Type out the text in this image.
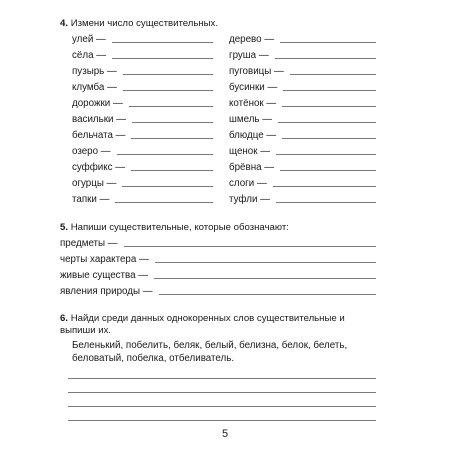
4. Измени число существительных.
улей —
сёла —
пузырь —
клумба —
дорожки —
васильки —
бельчата —
озеро —
суффикс —
огурцы —
тапки —
дерево —
груша —
пуговицы —
бусинки —
котёнок —
шмель —
блюдце —
щенок —
брёвна —
слоги —
туфли —
5. Напиши существительные, которые обозначают:
предметы —
черты характера —
живые существа —
явления природы —
6. Найди среди данных однокоренных слов существительные и выпиши их.
Беленький, побелить, беляк, белый, белизна, белок, белеть, беловатый, побелка, отбеливатель.
5
